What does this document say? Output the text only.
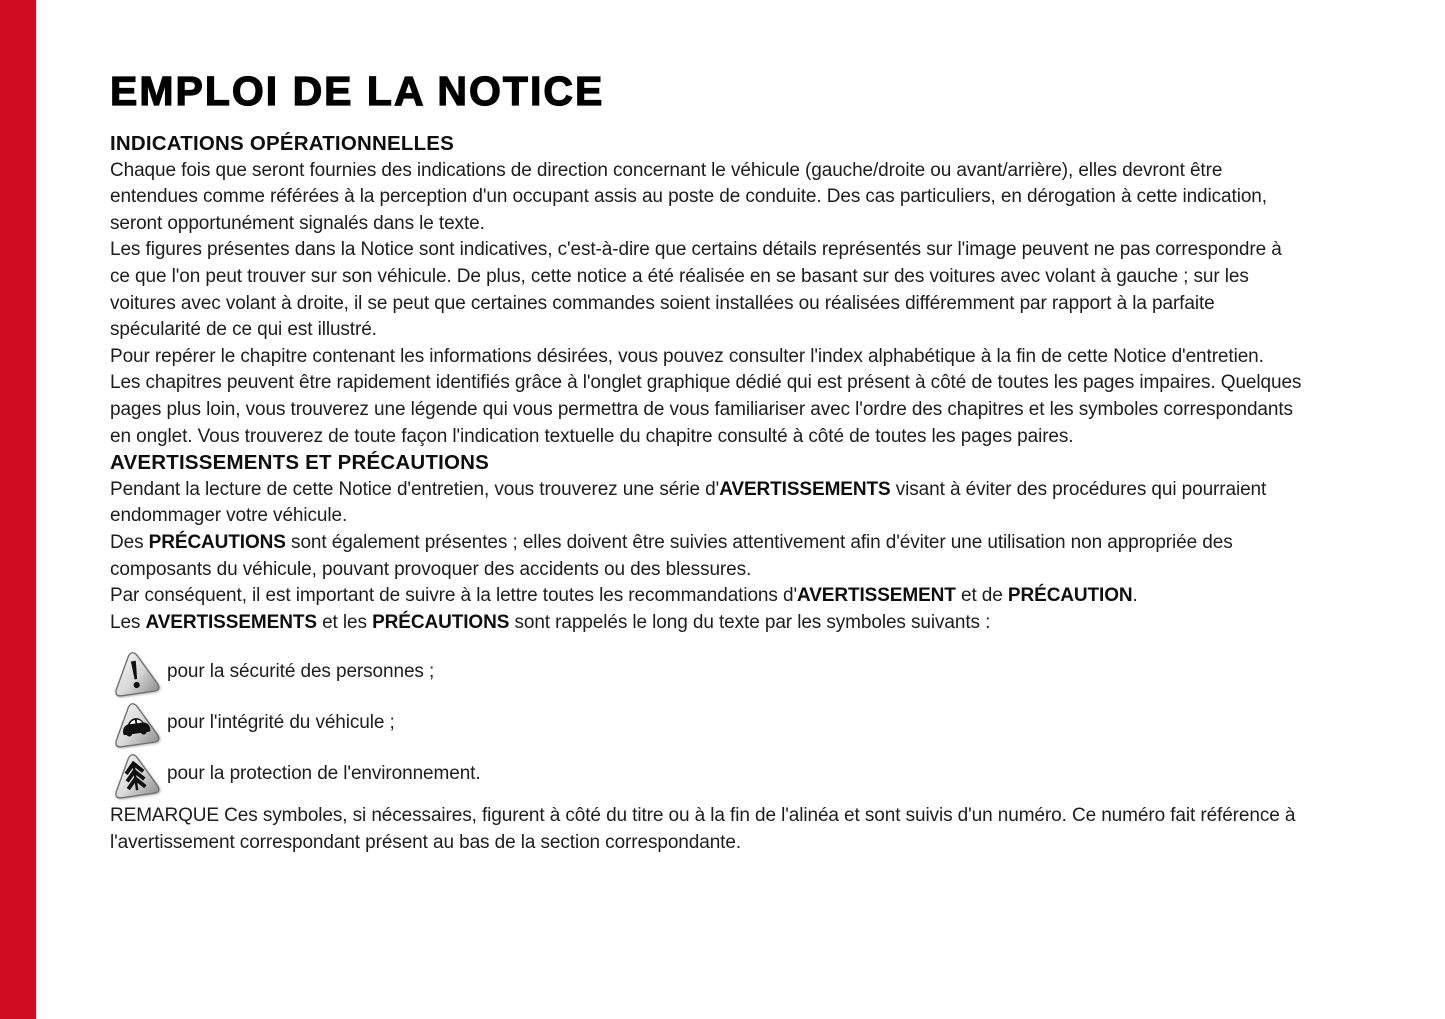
EMPLOI DE LA NOTICE
INDICATIONS OPÉRATIONNELLES

Chaque fois que seront fournies des indications de direction concernant le véhicule (gauche/droite ou avant/arrière), elles devront être entendues comme référées à la perception d'un occupant assis au poste de conduite. Des cas particuliers, en dérogation à cette indication, seront opportunément signalés dans le texte.

Les figures présentes dans la Notice sont indicatives, c'est-à-dire que certains détails représentés sur l'image peuvent ne pas correspondre à ce que l'on peut trouver sur son véhicule. De plus, cette notice a été réalisée en se basant sur des voitures avec volant à gauche ; sur les voitures avec volant à droite, il se peut que certaines commandes soient installées ou réalisées différemment par rapport à la parfaite spécularité de ce qui est illustré.

Pour repérer le chapitre contenant les informations désirées, vous pouvez consulter l'index alphabétique à la fin de cette Notice d'entretien.

Les chapitres peuvent être rapidement identifiés grâce à l'onglet graphique dédié qui est présent à côté de toutes les pages impaires. Quelques pages plus loin, vous trouverez une légende qui vous permettra de vous familiariser avec l'ordre des chapitres et les symboles correspondants en onglet. Vous trouverez de toute façon l'indication textuelle du chapitre consulté à côté de toutes les pages paires.

AVERTISSEMENTS ET PRÉCAUTIONS

Pendant la lecture de cette Notice d'entretien, vous trouverez une série d'AVERTISSEMENTS visant à éviter des procédures qui pourraient endommager votre véhicule.

Des PRÉCAUTIONS sont également présentes ; elles doivent être suivies attentivement afin d'éviter une utilisation non appropriée des composants du véhicule, pouvant provoquer des accidents ou des blessures.

Par conséquent, il est important de suivre à la lettre toutes les recommandations d'AVERTISSEMENT et de PRÉCAUTION.

Les AVERTISSEMENTS et les PRÉCAUTIONS sont rappelés le long du texte par les symboles suivants :

pour la sécurité des personnes ;
pour l'intégrité du véhicule ;
pour la protection de l'environnement.

REMARQUE Ces symboles, si nécessaires, figurent à côté du titre ou à la fin de l'alinéa et sont suivis d'un numéro. Ce numéro fait référence à l'avertissement correspondant présent au bas de la section correspondante.
